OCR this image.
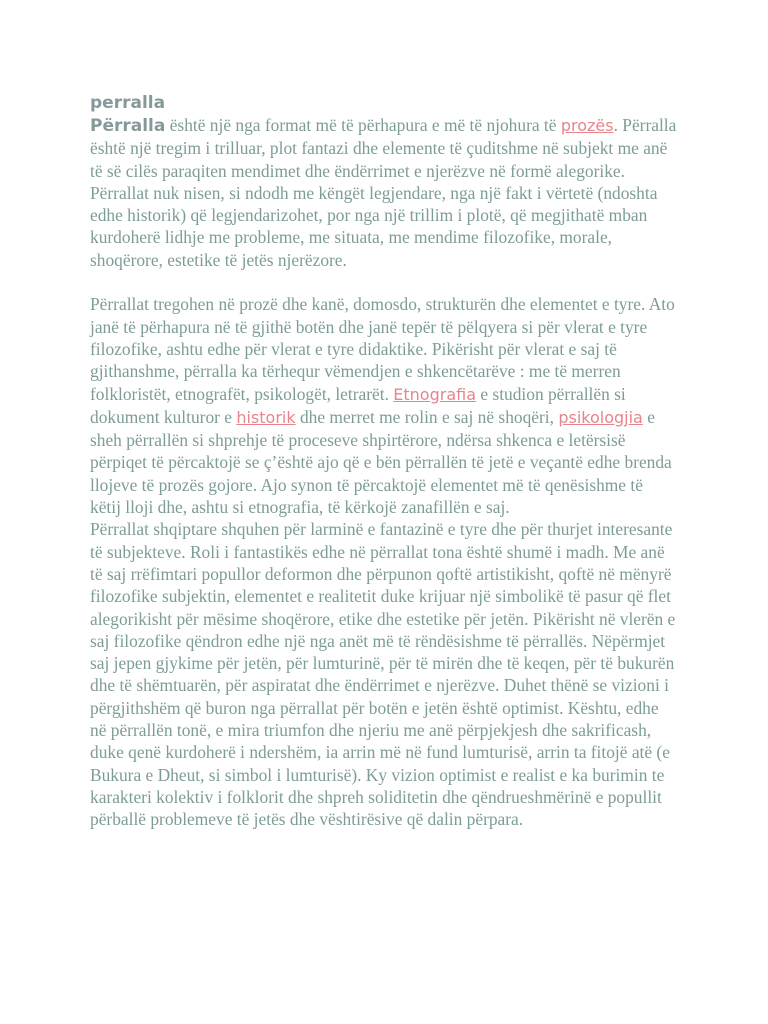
perralla

Përralla është një nga format më të përhapura e më të njohura të prozës. Përralla është një tregim i trilluar, plot fantazi dhe elemente të çuditshme në subjekt me anë të së cilës paraqiten mendimet dhe ëndërrimet e njerëzve në formë alegorike. Përrallat nuk nisen, si ndodh me këngët legjendare, nga një fakt i vërtetë (ndoshta edhe historik) që legjendarizohet, por nga një trillim i plotë, që megjithatë mban kurdoherë lidhje me probleme, me situata, me mendime filozofike, morale, shoqërore, estetike të jetës njerëzore.

Përrallat tregohen në prozë dhe kanë, domosdo, strukturën dhe elementet e tyre. Ato janë të përhapura në të gjithë botën dhe janë tepër të pëlqyera si për vlerat e tyre filozofike, ashtu edhe për vlerat e tyre didaktike. Pikërisht për vlerat e saj të gjithanshme, përralla ka tërhequr vëmendjen e shkencëtarëve : me të merren folkloristët, etnografët, psikologët, letrarët. Etnografia e studion përrallën si dokument kulturor e historik dhe merret me rolin e saj në shoqëri, psikologjia e sheh përrallën si shprehje të proceseve shpirtërore, ndërsa shkenca e letërsisë përpiqet të përcaktojë se ç’është ajo që e bën përrallën të jetë e veçantë edhe brenda llojeve të prozës gojore. Ajo synon të përcaktojë elementet më të qenësishme të këtij lloji dhe, ashtu si etnografia, të kërkojë zanafillën e saj.

Përrallat shqiptare shquhen për larminë e fantazinë e tyre dhe për thurjet interesante të subjekteve. Roli i fantastikës edhe në përrallat tona është shumë i madh. Me anë të saj rrëfimtari popullor deformon dhe përpunon qoftë artistikisht, qoftë në mënyrë filozofike subjektin, elementet e realitetit duke krijuar një simbolikë të pasur që flet alegorikisht për mësime shoqërore, etike dhe estetike për jetën. Pikërisht në vlerën e saj filozofike qëndron edhe një nga anët më të rëndësishme të përrallës. Nëpërmjet saj jepen gjykime për jetën, për lumturinë, për të mirën dhe të keqen, për të bukurën dhe të shëmtuarën, për aspiratat dhe ëndërrimet e njerëzve. Duhet thënë se vizioni i përgjithshëm që buron nga përrallat për botën e jetën është optimist. Kështu, edhe në përrallën tonë, e mira triumfon dhe njeriu me anë përpjekjesh dhe sakrificash, duke qenë kurdoherë i ndershëm, ia arrin më në fund lumturisë, arrin ta fitojë atë (e Bukura e Dheut, si simbol i lumturisë). Ky vizion optimist e realist e ka burimin te karakteri kolektiv i folklorit dhe shpreh soliditetin dhe qëndrueshmërinë e popullit përballë problemeve të jetës dhe vështirësive që dalin përpara.
